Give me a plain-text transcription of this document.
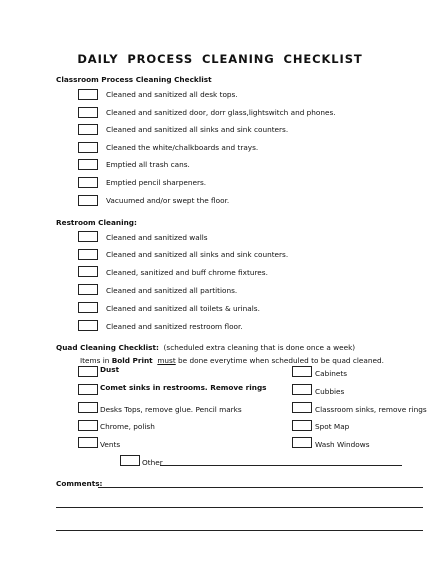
DAILY PROCESS CLEANING CHECKLIST
Classroom Process Cleaning Checklist
Cleaned and sanitized all desk tops.
Cleaned and sanitized door, dorr glass,lightswitch and phones.
Cleaned and sanitized all sinks and sink counters.
Cleaned the white/chalkboards and trays.
Emptied all trash cans.
Emptied pencil sharpeners.
Vacuumed and/or swept the floor.
Restroom Cleaning:
Cleaned and sanitized walls
Cleaned and sanitized all sinks and sink counters.
Cleaned, sanitized and buff chrome fixtures.
Cleaned and sanitized all partitions.
Cleaned and sanitized all toilets & urinals.
Cleaned and sanitized restroom floor.
Quad Cleaning Checklist: (scheduled extra cleaning that is done once a week)
Items in Bold Print must be done everytime when scheduled to be quad cleaned.
Dust
Comet sinks in restrooms. Remove rings
Desks Tops, remove glue. Pencil marks
Chrome, polish
Vents
Cabinets
Cubbies
Classroom sinks, remove rings
Spot Map
Wash Windows
Other
Comments:
